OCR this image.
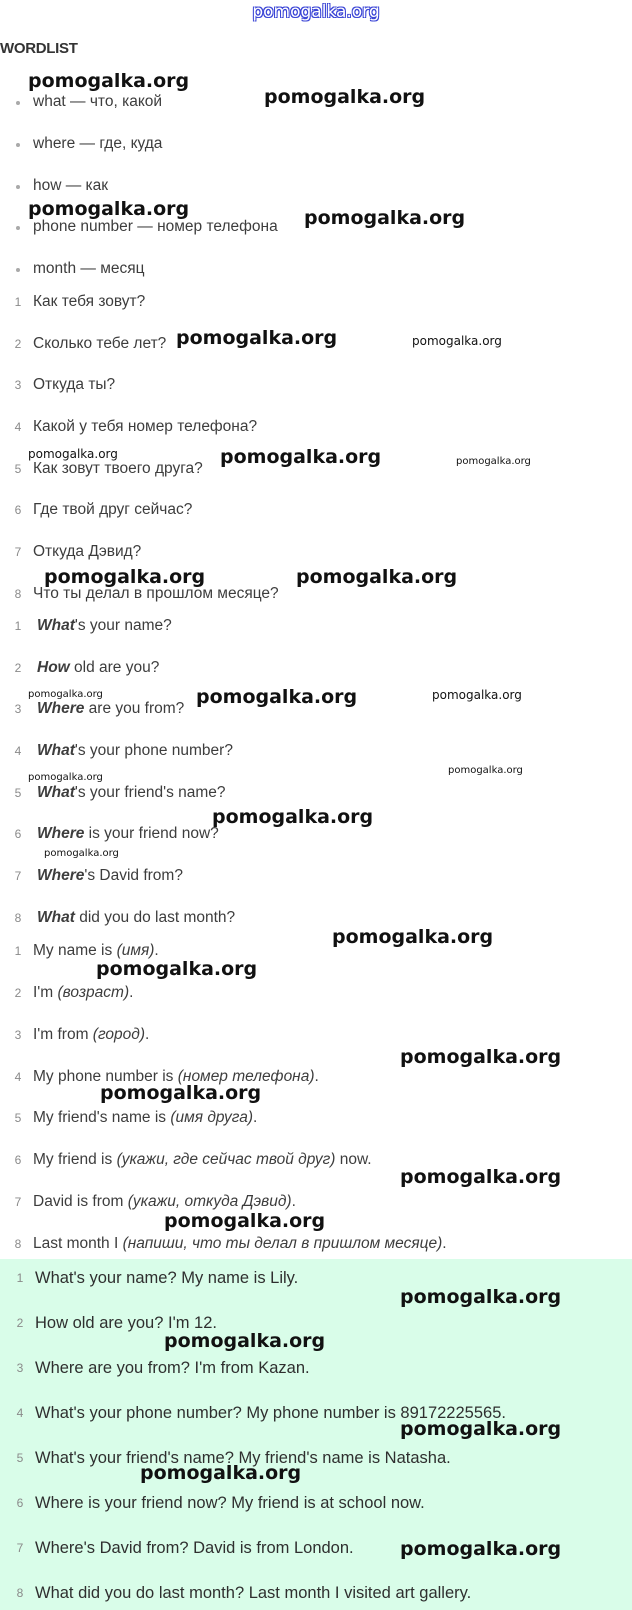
pomogalka.org
WORDLIST
what — что, какой
where — где, куда
how — как
phone number — номер телефона
month — месяц
1 Как тебя зовут?
2 Сколько тебе лет?
3 Откуда ты?
4 Какой у тебя номер телефона?
5 Как зовут твоего друга?
6 Где твой друг сейчас?
7 Откуда Дэвид?
8 Что ты делал в прошлом месяце?
1	What's your name?
2	How old are you?
3	Where are you from?
4	What's your phone number?
5	What's your friend's name?
6	Where is your friend now?
7	Where's David from?
8	What did you do last month?
1 My name is (имя).
2 I'm (возраст).
3 I'm from (город).
4 My phone number is (номер телефона).
5 My friend's name is (имя друга).
6 My friend is (укажи, где сейчас твой друг) now.
7 David is from (укажи, откуда Дэвид).
8 Last month I (напиши, что ты делал в пришлом месяце).
1 What's your name? My name is Lily.
2 How old are you? I'm 12.
3 Where are you from? I'm from Kazan.
4 What's your phone number? My phone number is 89172225565.
5 What's your friend's name? My friend's name is Natasha.
6 Where is your friend now? My friend is at school now.
7 Where's David from? David is from London.
8 What did you do last month? Last month I visited art gallery.
pomogalka.org
pomogalka.org
pomogalka.org	pomogalka.org
pomogalka.org	pomogalka.org
pomogalka.org	pomogalka.org	pomogalka.org
pomogalka.org	pomogalka.org
pomogalka.org	pomogalka.org	pomogalka.org
pomogalka.org
pomogalka.org
pomogalka.org
pomogalka.org
pomogalka.org
pomogalka.org
pomogalka.org
pomogalka.org
pomogalka.org
pomogalka.org
pomogalka.org
pomogalka.org
pomogalka.org
pomogalka.org
pomogalka.org
